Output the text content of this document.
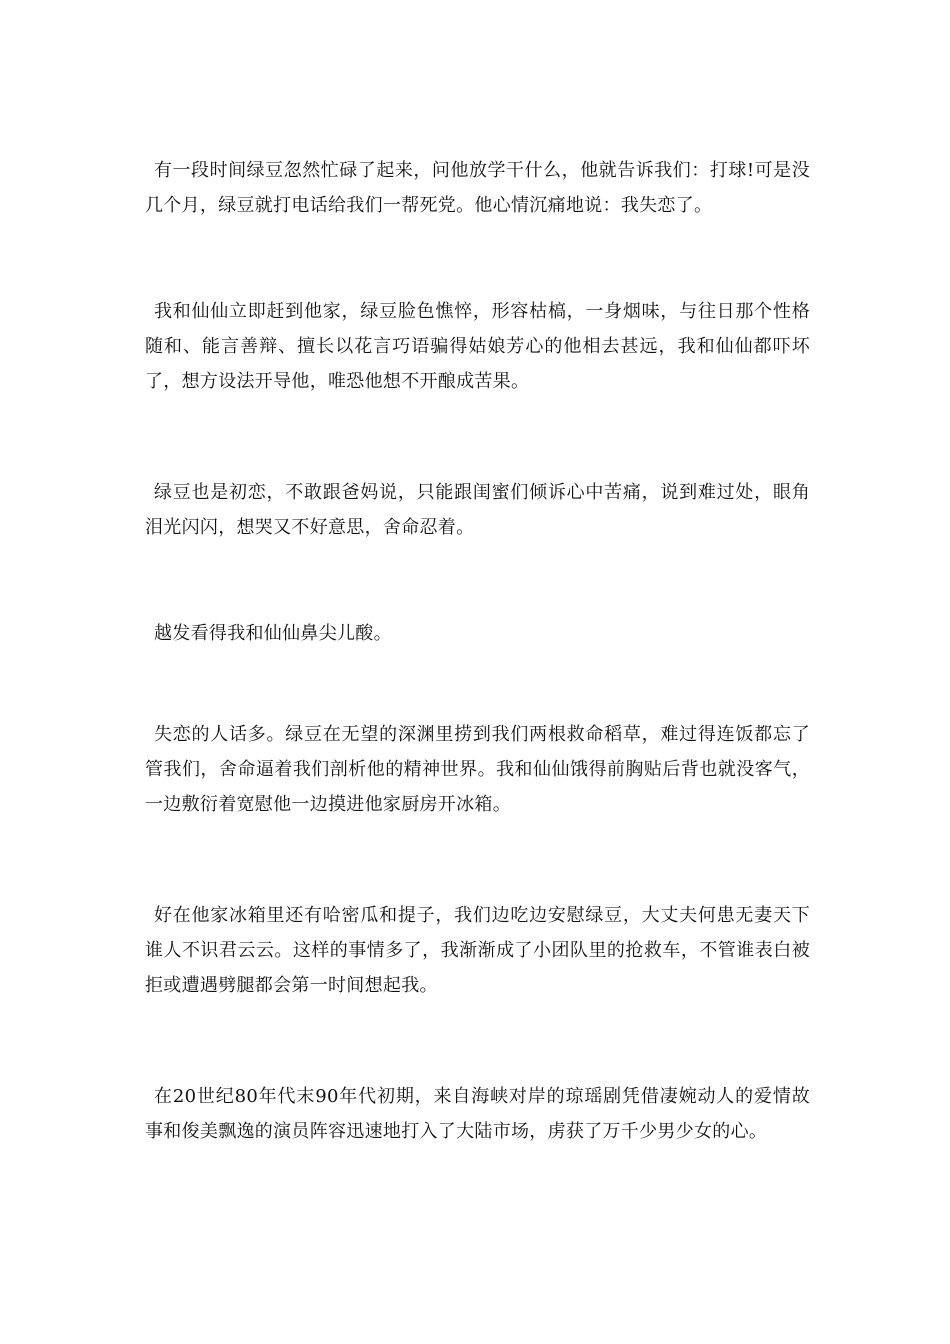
有一段时间绿豆忽然忙碌了起来，问他放学干什么，他就告诉我们：打球!可是没几个月，绿豆就打电话给我们一帮死党。他心情沉痛地说：我失恋了。

我和仙仙立即赶到他家，绿豆脸色憔悴，形容枯槁，一身烟味，与往日那个性格随和、能言善辩、擅长以花言巧语骗得姑娘芳心的他相去甚远，我和仙仙都吓坏了，想方设法开导他，唯恐他想不开酿成苦果。

绿豆也是初恋，不敢跟爸妈说，只能跟闺蜜们倾诉心中苦痛，说到难过处，眼角泪光闪闪，想哭又不好意思，舍命忍着。

越发看得我和仙仙鼻尖儿酸。

失恋的人话多。绿豆在无望的深渊里捞到我们两根救命稻草，难过得连饭都忘了管我们，舍命逼着我们剖析他的精神世界。我和仙仙饿得前胸贴后背也就没客气，一边敷衍着宽慰他一边摸进他家厨房开冰箱。

好在他家冰箱里还有哈密瓜和提子，我们边吃边安慰绿豆，大丈夫何患无妻天下谁人不识君云云。这样的事情多了，我渐渐成了小团队里的抢救车，不管谁表白被拒或遭遇劈腿都会第一时间想起我。

在20世纪80年代末90年代初期，来自海峡对岸的琼瑶剧凭借凄婉动人的爱情故事和俊美飘逸的演员阵容迅速地打入了大陆市场，虏获了万千少男少女的心。
